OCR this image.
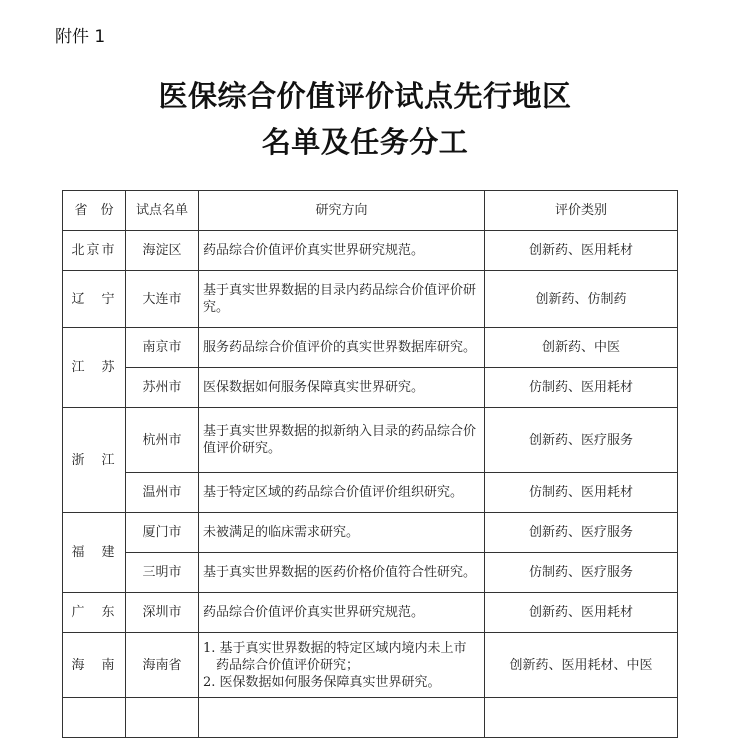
附件 1
医保综合价值评价试点先行地区
名单及任务分工
省　份	试点名单	研究方向	评价类别
北京市	海淀区	药品综合价值评价真实世界研究规范。	创新药、医用耗材
辽　宁	大连市	基于真实世界数据的目录内药品综合价值评价研究。	创新药、仿制药
江　苏	南京市	服务药品综合价值评价的真实世界数据库研究。	创新药、中医
	苏州市	医保数据如何服务保障真实世界研究。	仿制药、医用耗材
浙　江	杭州市	基于真实世界数据的拟新纳入目录的药品综合价值评价研究。	创新药、医疗服务
	温州市	基于特定区域的药品综合价值评价组织研究。	仿制药、医用耗材
福　建	厦门市	未被满足的临床需求研究。	创新药、医疗服务
	三明市	基于真实世界数据的医药价格价值符合性研究。	仿制药、医疗服务
广　东	深圳市	药品综合价值评价真实世界研究规范。	创新药、医用耗材
海　南	海南省	1. 基于真实世界数据的特定区域内境内未上市
药品综合价值评价研究；
2. 医保数据如何服务保障真实世界研究。	创新药、医用耗材、中医
